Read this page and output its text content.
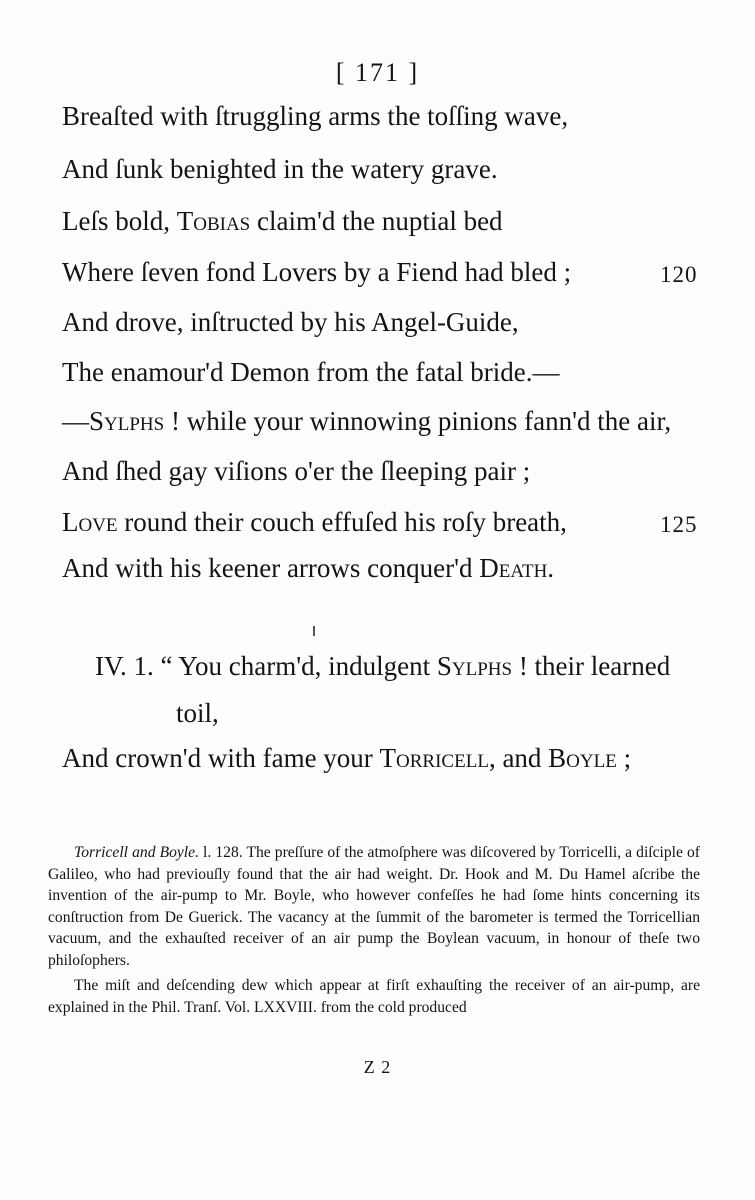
[ 171 ]
Breaſted with ſtruggling arms the toſſing wave,
And ſunk benighted in the watery grave.
Leſs bold, Tobias claim'd the nuptial bed
Where ſeven fond Lovers by a Fiend had bled ;	120
And drove, inſtructed by his Angel-Guide,
The enamour'd Demon from the fatal bride.—
—Sylphs ! while your winnowing pinions fann'd the air,
And ſhed gay viſions o'er the ſleeping pair ;
Love round their couch effuſed his roſy breath,	125
And with his keener arrows conquer'd Death.
IV. 1. “ You charm'd, indulgent Sylphs ! their learned
toil,
And crown'd with fame your Torricell, and Boyle ;

Torricell and Boyle. l. 128. The preſſure of the atmoſphere was diſcovered by Torricelli, a diſciple of Galileo, who had previouſly found that the air had weight. Dr. Hook and M. Du Hamel aſcribe the invention of the air-pump to Mr. Boyle, who however confeſſes he had ſome hints concerning its conſtruction from De Guerick. The vacancy at the ſummit of the barometer is termed the Torricellian vacuum, and the exhauſted receiver of an air pump the Boylean vacuum, in honour of theſe two philoſophers.

The miſt and deſcending dew which appear at firſt exhauſting the receiver of an air-pump, are explained in the Phil. Tranſ. Vol. LXXVIII. from the cold produced

Z 2
